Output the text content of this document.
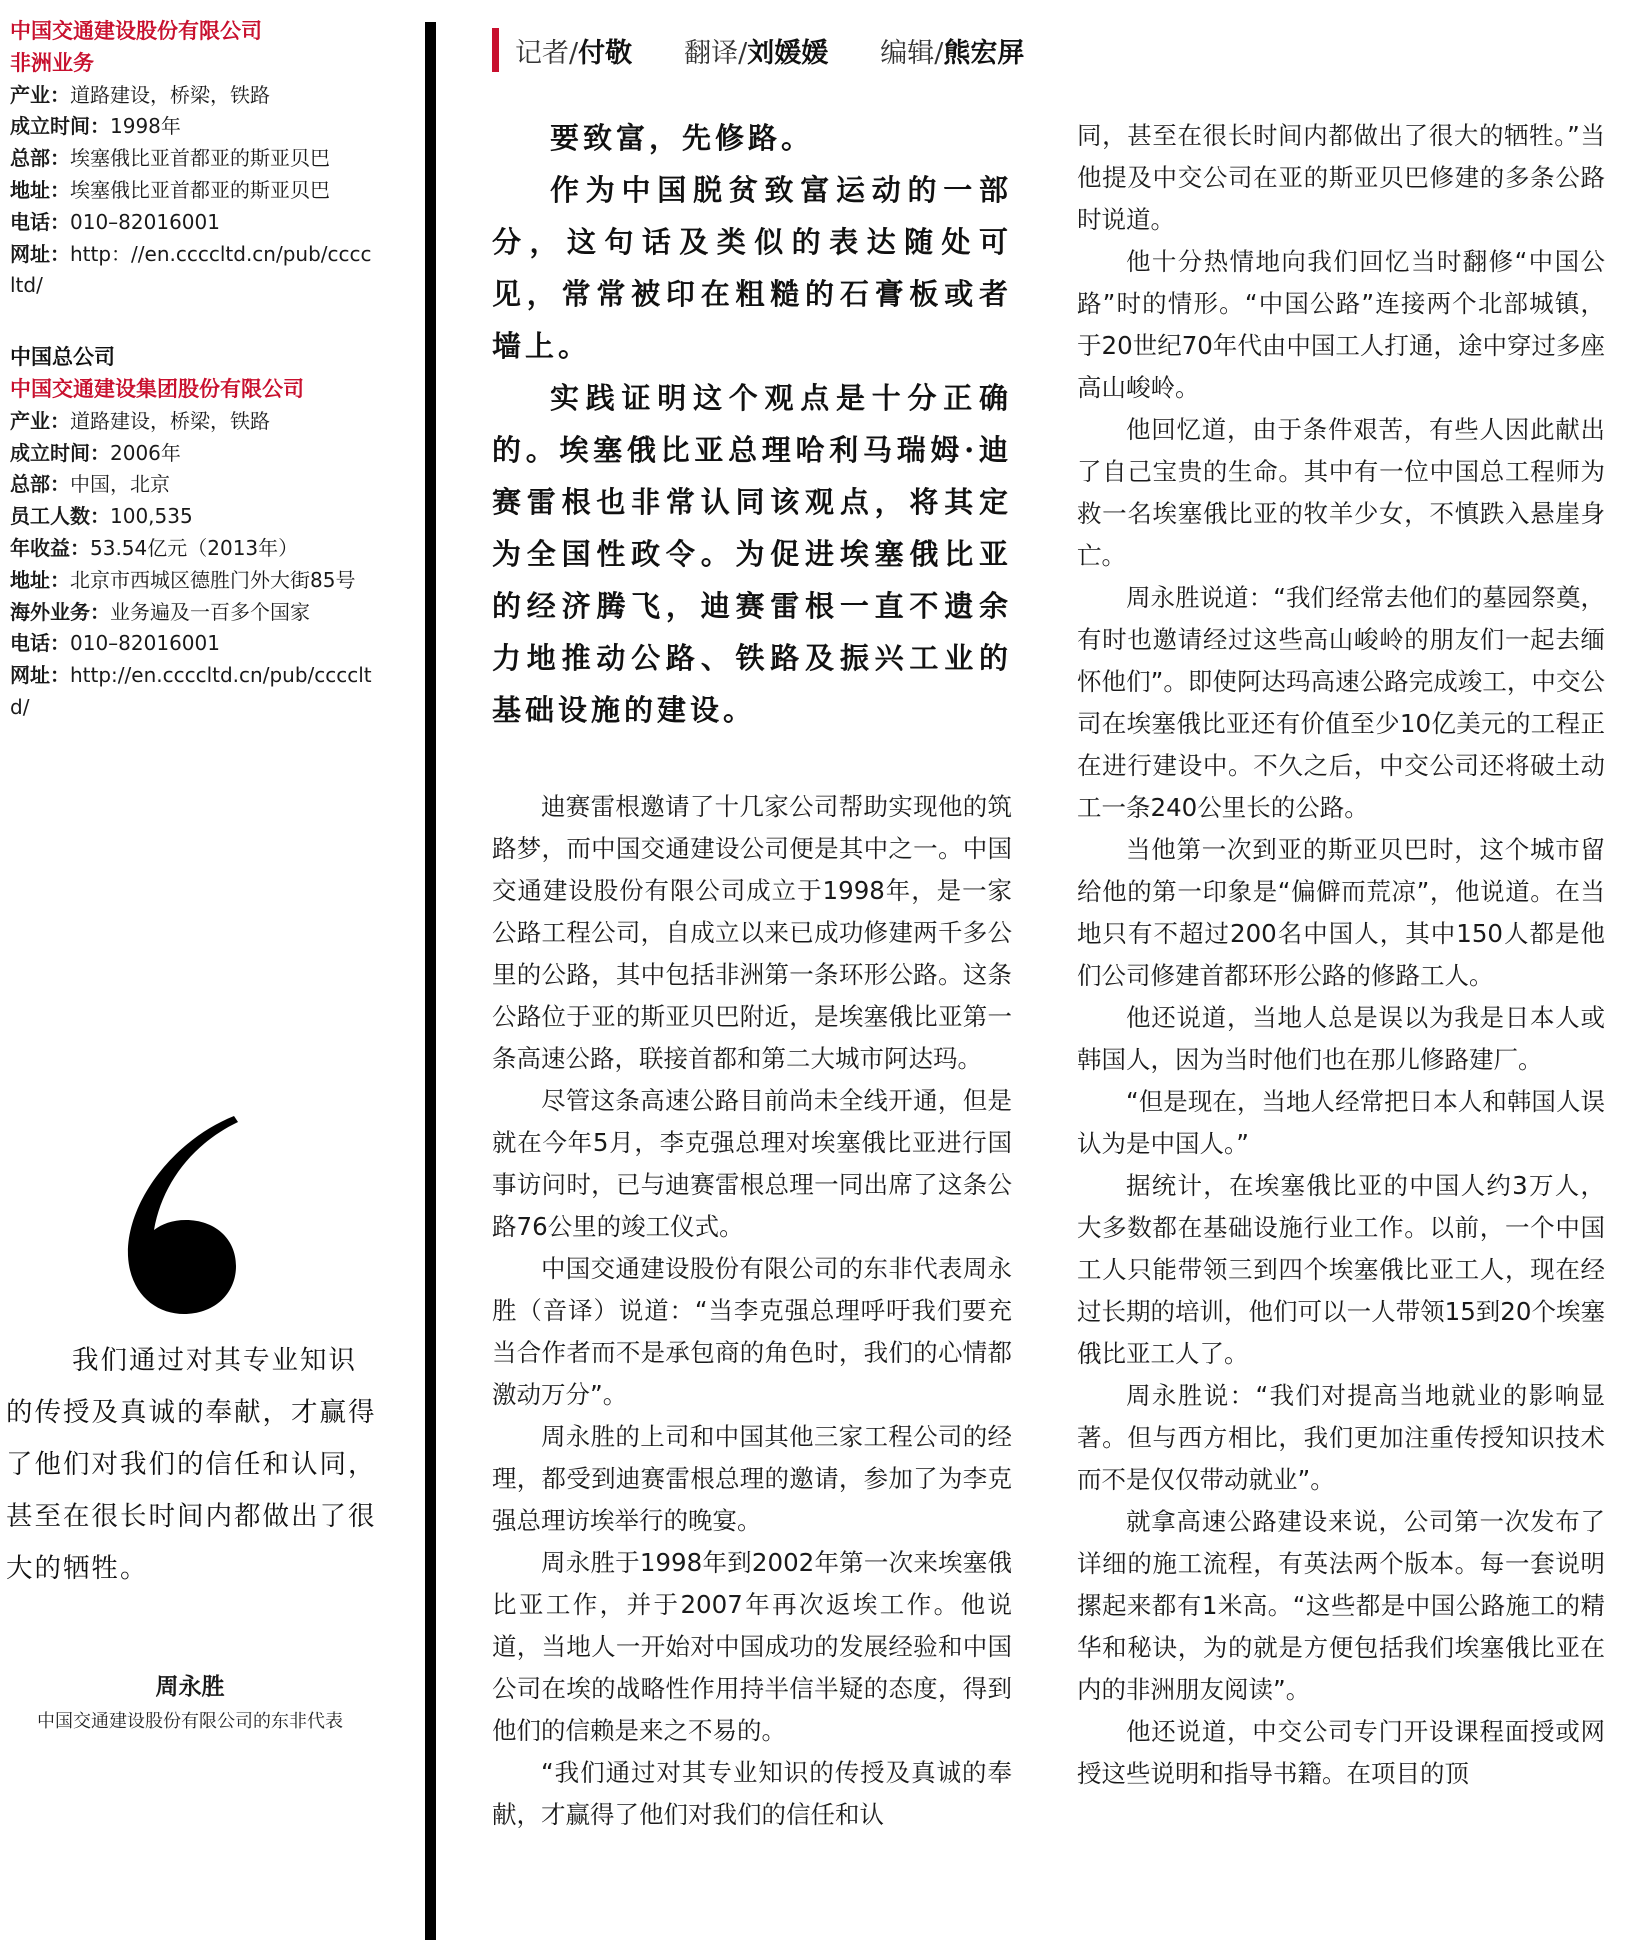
中国交通建设股份有限公司
非洲业务
产业：道路建设，桥梁，铁路
成立时间：1998年
总部：埃塞俄比亚首都亚的斯亚贝巴
地址：埃塞俄比亚首都亚的斯亚贝巴
电话：010–82016001
网址：http：//en.ccccltd.cn/pub/ccccltd/
中国总公司
中国交通建设集团股份有限公司
产业：道路建设，桥梁，铁路
成立时间：2006年
总部：中国，北京
员工人数：100,535
年收益：53.54亿元（2013年）
地址：北京市西城区德胜门外大街85号
海外业务：业务遍及一百多个国家
电话：010–82016001
网址：http://en.ccccltd.cn/pub/ccccltd/
记者/付敬 翻译/刘媛媛 编辑/熊宏屏
我们通过对其专业知识的传授及真诚的奉献，才赢得了他们对我们的信任和认同，甚至在很长时间内都做出了很大的牺牲。
周永胜
中国交通建设股份有限公司的东非代表

要致富，先修路。

作为中国脱贫致富运动的一部分，这句话及类似的表达随处可见，常常被印在粗糙的石膏板或者墙上。

实践证明这个观点是十分正确的。埃塞俄比亚总理哈利马瑞姆·迪赛雷根也非常认同该观点，将其定为全国性政令。为促进埃塞俄比亚的经济腾飞，迪赛雷根一直不遗余力地推动公路、铁路及振兴工业的基础设施的建设。

迪赛雷根邀请了十几家公司帮助实现他的筑路梦，而中国交通建设公司便是其中之一。中国交通建设股份有限公司成立于1998年，是一家公路工程公司，自成立以来已成功修建两千多公里的公路，其中包括非洲第一条环形公路。这条公路位于亚的斯亚贝巴附近，是埃塞俄比亚第一条高速公路，联接首都和第二大城市阿达玛。

尽管这条高速公路目前尚未全线开通，但是就在今年5月，李克强总理对埃塞俄比亚进行国事访问时，已与迪赛雷根总理一同出席了这条公路76公里的竣工仪式。

中国交通建设股份有限公司的东非代表周永胜（音译）说道：“当李克强总理呼吁我们要充当合作者而不是承包商的角色时，我们的心情都激动万分”。

周永胜的上司和中国其他三家工程公司的经理，都受到迪赛雷根总理的邀请，参加了为李克强总理访埃举行的晚宴。

周永胜于1998年到2002年第一次来埃塞俄比亚工作，并于2007年再次返埃工作。他说道，当地人一开始对中国成功的发展经验和中国公司在埃的战略性作用持半信半疑的态度，得到他们的信赖是来之不易的。

“我们通过对其专业知识的传授及真诚的奉献，才赢得了他们对我们的信任和认

同，甚至在很长时间内都做出了很大的牺牲。”当他提及中交公司在亚的斯亚贝巴修建的多条公路时说道。

他十分热情地向我们回忆当时翻修“中国公路”时的情形。“中国公路”连接两个北部城镇，于20世纪70年代由中国工人打通，途中穿过多座高山峻岭。

他回忆道，由于条件艰苦，有些人因此献出了自己宝贵的生命。其中有一位中国总工程师为救一名埃塞俄比亚的牧羊少女，不慎跌入悬崖身亡。

周永胜说道：“我们经常去他们的墓园祭奠，有时也邀请经过这些高山峻岭的朋友们一起去缅怀他们”。即使阿达玛高速公路完成竣工，中交公司在埃塞俄比亚还有价值至少10亿美元的工程正在进行建设中。不久之后，中交公司还将破土动工一条240公里长的公路。

当他第一次到亚的斯亚贝巴时，这个城市留给他的第一印象是“偏僻而荒凉”，他说道。在当地只有不超过200名中国人，其中150人都是他们公司修建首都环形公路的修路工人。

他还说道，当地人总是误以为我是日本人或韩国人，因为当时他们也在那儿修路建厂。

“但是现在，当地人经常把日本人和韩国人误认为是中国人。”

据统计，在埃塞俄比亚的中国人约3万人，大多数都在基础设施行业工作。以前，一个中国工人只能带领三到四个埃塞俄比亚工人，现在经过长期的培训，他们可以一人带领15到20个埃塞俄比亚工人了。

周永胜说：“我们对提高当地就业的影响显著。但与西方相比，我们更加注重传授知识技术而不是仅仅带动就业”。

就拿高速公路建设来说，公司第一次发布了详细的施工流程，有英法两个版本。每一套说明摞起来都有1米高。“这些都是中国公路施工的精华和秘诀，为的就是方便包括我们埃塞俄比亚在内的非洲朋友阅读”。

他还说道，中交公司专门开设课程面授或网授这些说明和指导书籍。在项目的顶
